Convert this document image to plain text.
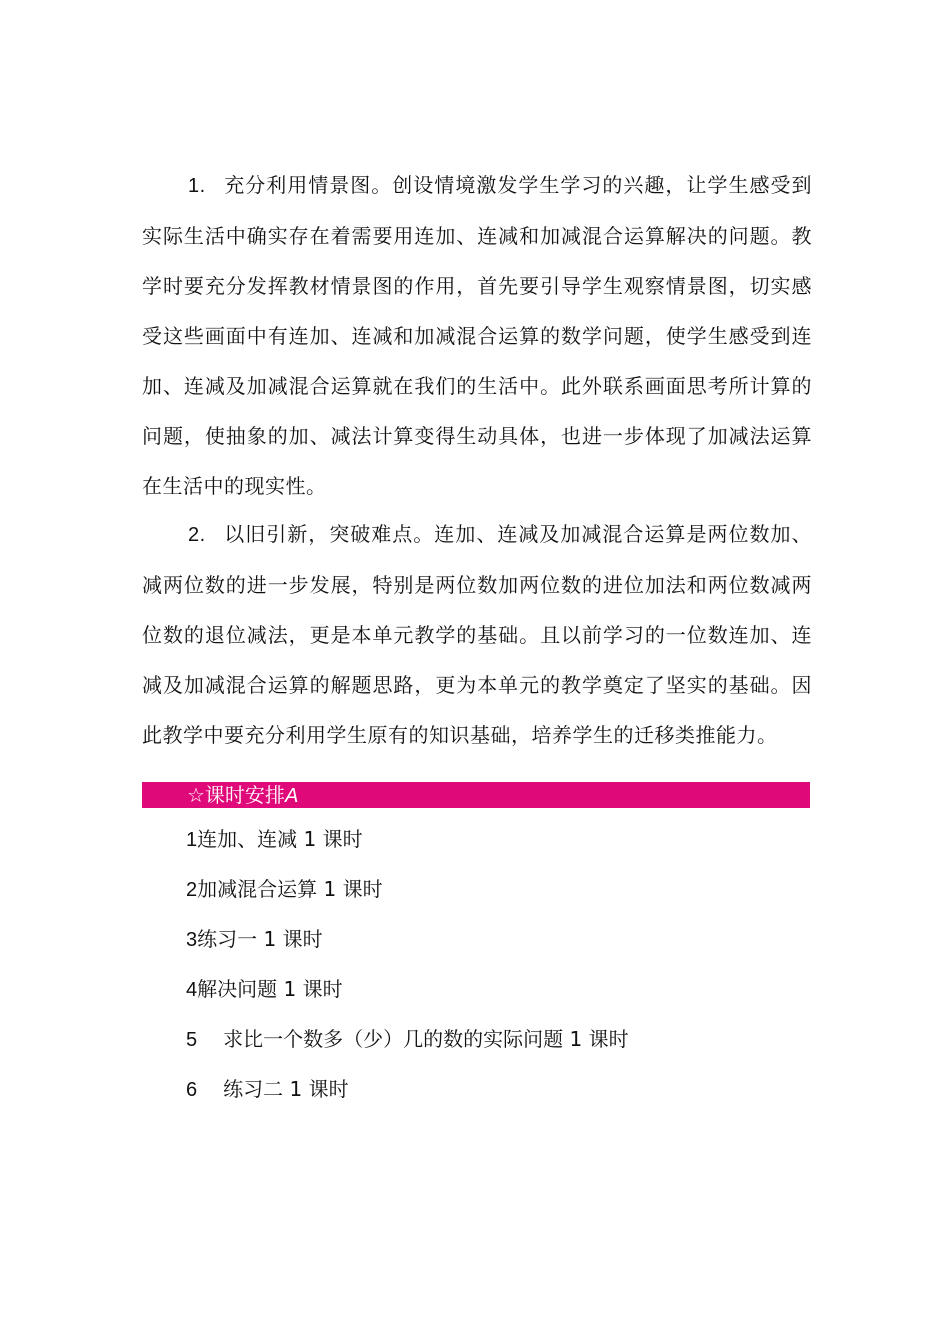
1. 充分利用情景图。创设情境激发学生学习的兴趣，让学生感受到实际生活中确实存在着需要用连加、连减和加减混合运算解决的问题。教学时要充分发挥教材情景图的作用，首先要引导学生观察情景图，切实感受这些画面中有连加、连减和加减混合运算的数学问题，使学生感受到连加、连减及加减混合运算就在我们的生活中。此外联系画面思考所计算的问题，使抽象的加、减法计算变得生动具体，也进一步体现了加减法运算在生活中的现实性。

2. 以旧引新，突破难点。连加、连减及加减混合运算是两位数加、减两位数的进一步发展，特别是两位数加两位数的进位加法和两位数减两位数的退位减法，更是本单元教学的基础。且以前学习的一位数连加、连减及加减混合运算的解题思路，更为本单元的教学奠定了坚实的基础。因此教学中要充分利用学生原有的知识基础，培养学生的迁移类推能力。

☆课时安排A
1连加、连减 1 课时
2加减混合运算 1 课时
3练习一 1 课时
4解决问题 1 课时
5 求比一个数多（少）几的数的实际问题 1 课时
6 练习二 1 课时
